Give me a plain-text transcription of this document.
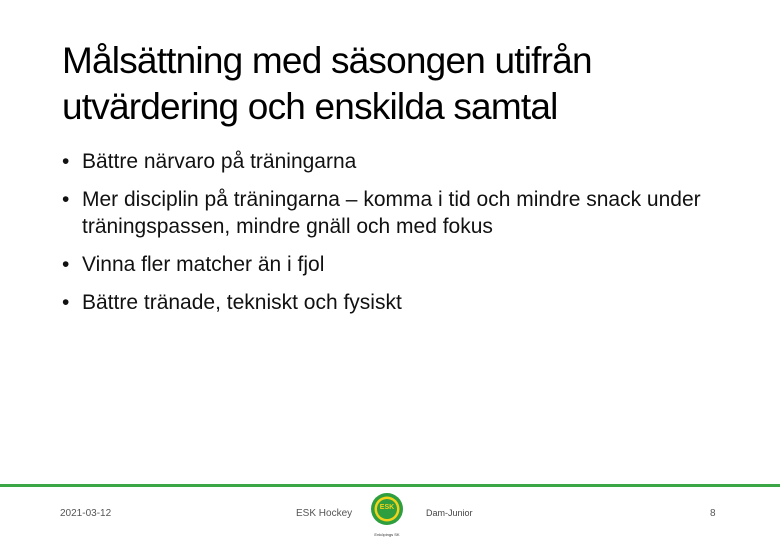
Målsättning med säsongen utifrån
utvärdering och enskilda samtal
• Bättre närvaro på träningarna
• Mer disciplin på träningarna – komma i tid och mindre snack under träningspassen, mindre gnäll och med fokus
• Vinna fler matcher än i fjol
• Bättre tränade, tekniskt och fysiskt
2021-03-12	ESK Hockey
ESK
Enköpings SK
Dam-Junior	8
